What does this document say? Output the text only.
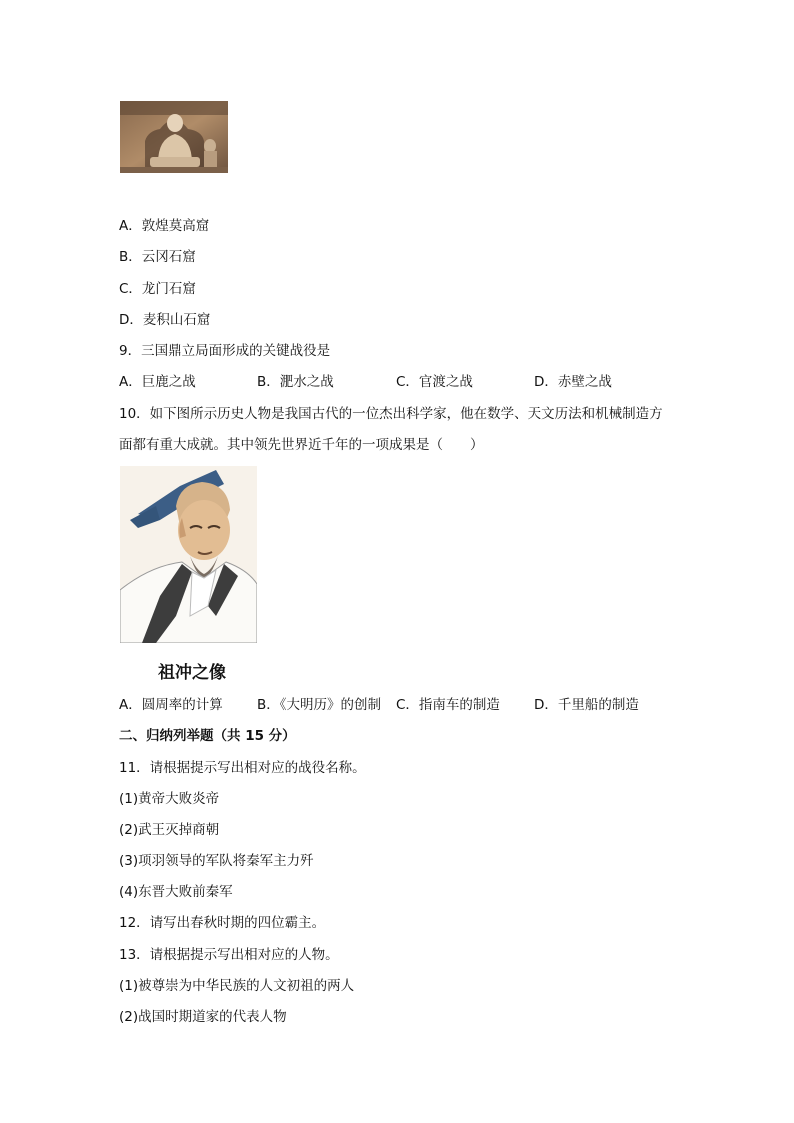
A．敦煌莫高窟
B．云冈石窟
C．龙门石窟
D．麦积山石窟
9．三国鼎立局面形成的关键战役是
A．巨鹿之战	B．淝水之战	C．官渡之战	D．赤壁之战
10．如下图所示历史人物是我国古代的一位杰出科学家，他在数学、天文历法和机械制造方
面都有重大成就。其中领先世界近千年的一项成果是（　　）
祖冲之像
A．圆周率的计算	B．《大明历》的创制 C．指南车的制造	D．千里船的制造
二、归纳列举题（共 15 分）
11．请根据提示写出相对应的战役名称。
(1)黄帝大败炎帝
(2)武王灭掉商朝
(3)项羽领导的军队将秦军主力歼
(4)东晋大败前秦军
12．请写出春秋时期的四位霸主。
13．请根据提示写出相对应的人物。
(1)被尊崇为中华民族的人文初祖的两人
(2)战国时期道家的代表人物
